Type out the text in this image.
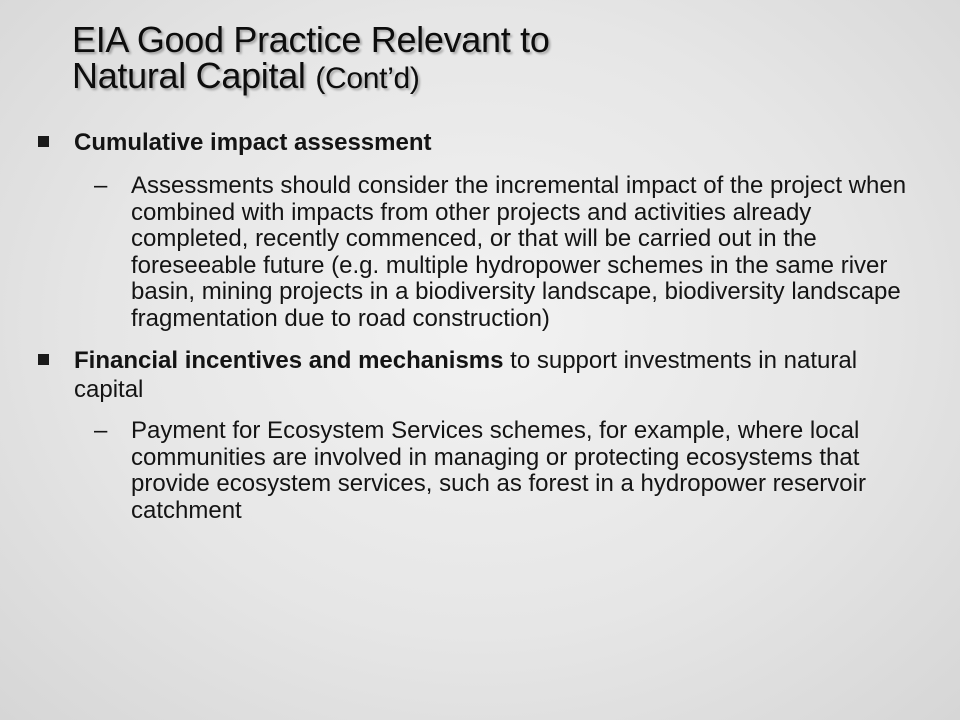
EIA Good Practice Relevant to
Natural Capital (Cont’d)
Cumulative impact assessment
– Assessments should consider the incremental impact of the project when combined with impacts from other projects and activities already completed, recently commenced, or that will be carried out in the foreseeable future (e.g. multiple hydropower schemes in the same river basin, mining projects in a biodiversity landscape, biodiversity landscape fragmentation due to road construction)
Financial incentives and mechanisms to support investments in natural capital
– Payment for Ecosystem Services schemes, for example, where local communities are involved in managing or protecting ecosystems that provide ecosystem services, such as forest in a hydropower reservoir catchment
